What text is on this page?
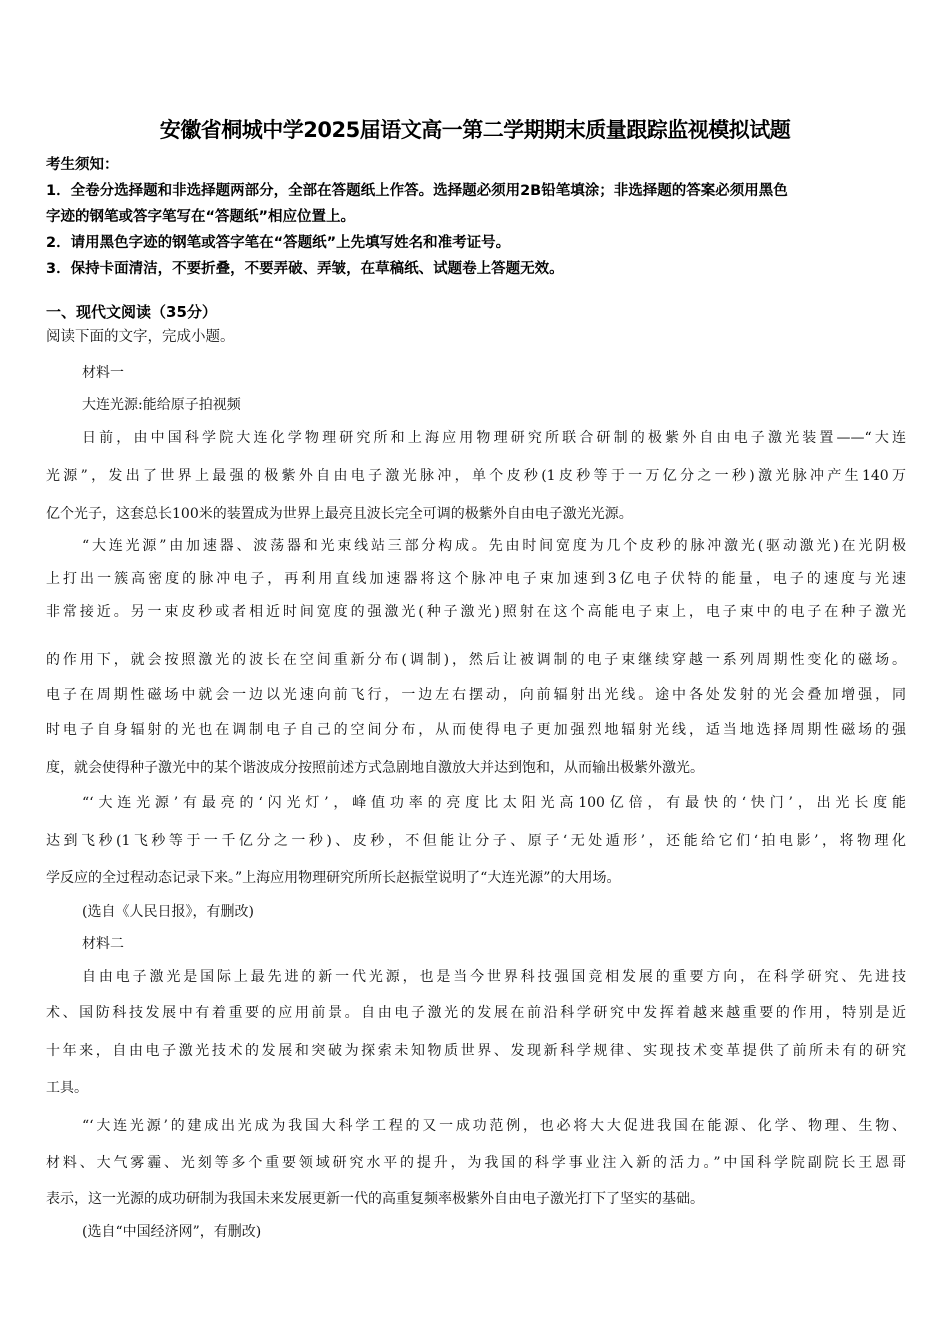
安徽省桐城中学2025届语文高一第二学期期末质量跟踪监视模拟试题
考生须知：
1．全卷分选择题和非选择题两部分，全部在答题纸上作答。选择题必须用2B铅笔填涂；非选择题的答案必须用黑色
字迹的钢笔或答字笔写在“答题纸”相应位置上。
2．请用黑色字迹的钢笔或答字笔在“答题纸”上先填写姓名和准考证号。
3．保持卡面清洁，不要折叠，不要弄破、弄皱，在草稿纸、试题卷上答题无效。
一、现代文阅读（35分）
阅读下面的文字，完成小题。
材料一
大连光源:能给原子拍视频
日前，由中国科学院大连化学物理研究所和上海应用物理研究所联合研制的极紫外自由电子激光装置——“大连
光源”，发出了世界上最强的极紫外自由电子激光脉冲，单个皮秒(1皮秒等于一万亿分之一秒)激光脉冲产生140万
亿个光子，这套总长100米的装置成为世界上最亮且波长完全可调的极紫外自由电子激光光源。
“大连光源”由加速器、波荡器和光束线站三部分构成。先由时间宽度为几个皮秒的脉冲激光(驱动激光)在光阴极
上打出一簇高密度的脉冲电子，再利用直线加速器将这个脉冲电子束加速到3亿电子伏特的能量，电子的速度与光速
非常接近。另一束皮秒或者相近时间宽度的强激光(种子激光)照射在这个高能电子束上，电子束中的电子在种子激光
的作用下，就会按照激光的波长在空间重新分布(调制)，然后让被调制的电子束继续穿越一系列周期性变化的磁场。
电子在周期性磁场中就会一边以光速向前飞行，一边左右摆动，向前辐射出光线。途中各处发射的光会叠加增强，同
时电子自身辐射的光也在调制电子自己的空间分布，从而使得电子更加强烈地辐射光线，适当地选择周期性磁场的强
度，就会使得种子激光中的某个谐波成分按照前述方式急剧地自激放大并达到饱和，从而输出极紫外激光。
“‘大连光源’有最亮的‘闪光灯’，峰值功率的亮度比太阳光高100亿倍，有最快的‘快门’，出光长度能
达到飞秒(1飞秒等于一千亿分之一秒)、皮秒，不但能让分子、原子‘无处遁形’，还能给它们‘拍电影’，将物理化
学反应的全过程动态记录下来。”上海应用物理研究所所长赵振堂说明了“大连光源”的大用场。
(选自《人民日报》，有删改)
材料二
自由电子激光是国际上最先进的新一代光源，也是当今世界科技强国竞相发展的重要方向，在科学研究、先进技
术、国防科技发展中有着重要的应用前景。自由电子激光的发展在前沿科学研究中发挥着越来越重要的作用，特别是近
十年来，自由电子激光技术的发展和突破为探索未知物质世界、发现新科学规律、实现技术变革提供了前所未有的研究
工具。
“‘大连光源’的建成出光成为我国大科学工程的又一成功范例，也必将大大促进我国在能源、化学、物理、生物、
材料、大气雾霾、光刻等多个重要领域研究水平的提升，为我国的科学事业注入新的活力。”中国科学院副院长王恩哥
表示，这一光源的成功研制为我国未来发展更新一代的高重复频率极紫外自由电子激光打下了坚实的基础。
(选自“中国经济网”，有删改)
